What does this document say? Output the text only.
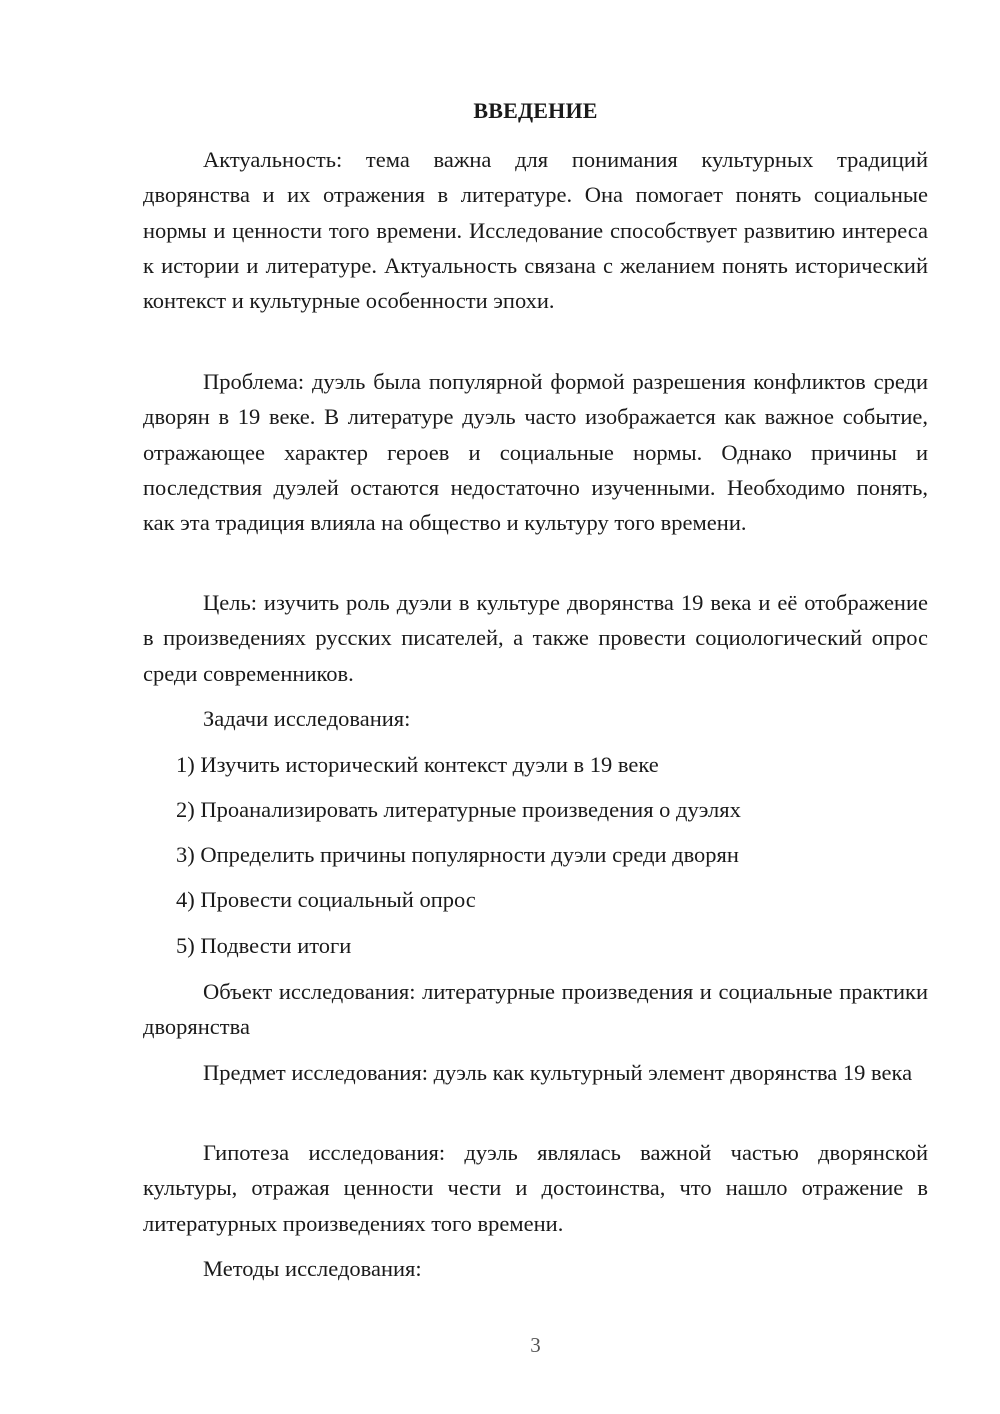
ВВЕДЕНИЕ

Актуальность: тема важна для понимания культурных традиций дворянства и их отражения в литературе. Она помогает понять социальные нормы и ценности того времени. Исследование способствует развитию интереса к истории и литературе. Актуальность связана с желанием понять исторический контекст и культурные особенности эпохи.

Проблема: дуэль была популярной формой разрешения конфликтов среди дворян в 19 веке. В литературе дуэль часто изображается как важное событие, отражающее характер героев и социальные нормы. Однако причины и последствия дуэлей остаются недостаточно изученными. Необходимо понять, как эта традиция влияла на общество и культуру того времени.

Цель: изучить роль дуэли в культуре дворянства 19 века и её отображение в произведениях русских писателей, а также провести социологический опрос среди современников.

Задачи исследования:

1) Изучить исторический контекст дуэли в 19 веке

2) Проанализировать литературные произведения о дуэлях

3) Определить причины популярности дуэли среди дворян

4) Провести социальный опрос

5) Подвести итоги

Объект исследования: литературные произведения и социальные практики дворянства

Предмет исследования: дуэль как культурный элемент дворянства 19 века

Гипотеза исследования: дуэль являлась важной частью дворянской культуры, отражая ценности чести и достоинства, что нашло отражение в литературных произведениях того времени.

Методы исследования:

3
